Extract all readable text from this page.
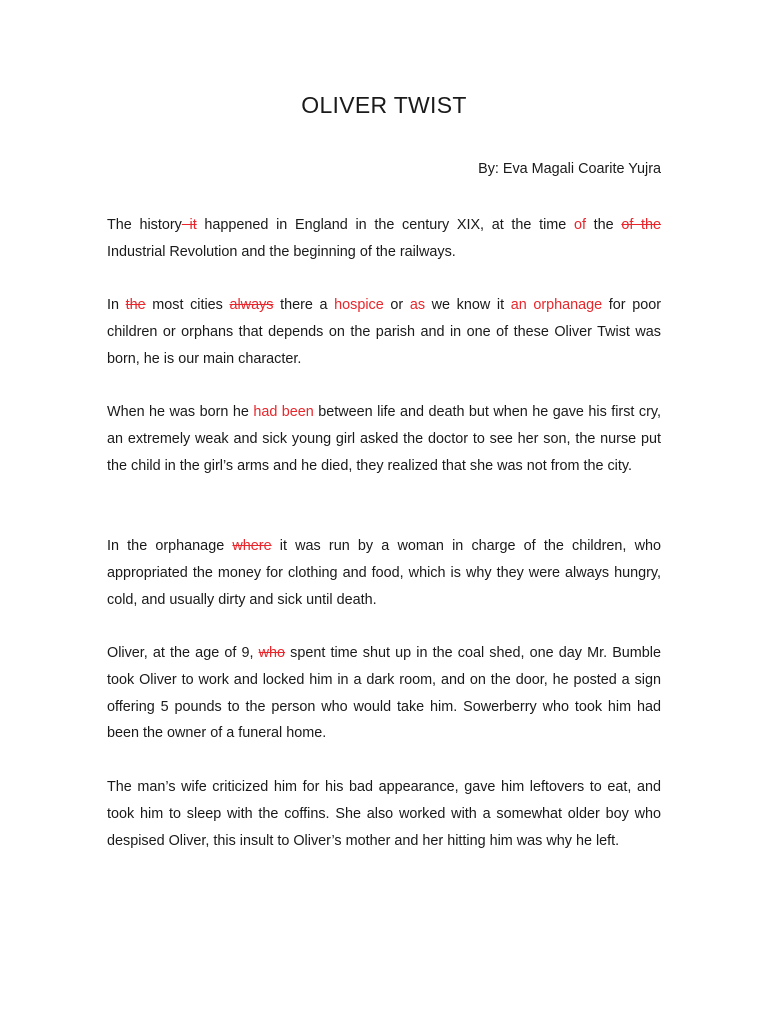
OLIVER TWIST

By: Eva Magali Coarite Yujra

The history it happened in England in the century XIX, at the time of the of the Industrial Revolution and the beginning of the railways.

In the most cities always there a hospice or as we know it an orphanage for poor children or orphans that depends on the parish and in one of these Oliver Twist was born, he is our main character.

When he was born he had been between life and death but when he gave his first cry, an extremely weak and sick young girl asked the doctor to see her son, the nurse put the child in the girl’s arms and he died, they realized that she was not from the city.

In the orphanage where it was run by a woman in charge of the children, who appropriated the money for clothing and food, which is why they were always hungry, cold, and usually dirty and sick until death.

Oliver, at the age of 9, who spent time shut up in the coal shed, one day Mr. Bumble took Oliver to work and locked him in a dark room, and on the door, he posted a sign offering 5 pounds to the person who would take him. Sowerberry who took him had been the owner of a funeral home.

The man’s wife criticized him for his bad appearance, gave him leftovers to eat, and took him to sleep with the coffins. She also worked with a somewhat older boy who despised Oliver, this insult to Oliver’s mother and her hitting him was why he left.
